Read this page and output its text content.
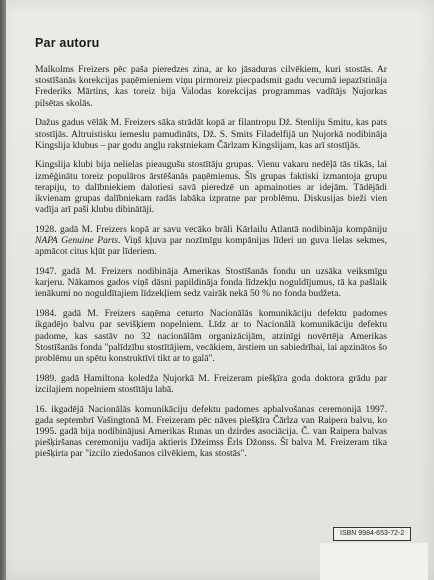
Par autoru

Malkolms Freizers pēc paša pieredzes zina, ar ko jāsaduras cilvēkiem, kuri stostās. Ar stostīšanās korekcijas paņēmieniem viņu pirmoreiz piecpadsmit gadu vecumā iepazīstināja Frederiks Mārtins, kas toreiz bija Valodas korekcijas programmas vadītājs Ņujorkas pilsētas skolās.

Dažus gadus vēlāk M. Freizers sāka strādāt kopā ar filantropu Dž. Stenliju Smitu, kas pats stostījās. Altruistisku iemeslu pamudināts, Dž. S. Smits Filadelfijā un Ņujorkā nodibināja Kingslija klubus – par godu angļu rakstniekam Čārlzam Kingslijam, kas arī stostījās.

Kingslija klubi bija nelielas pieaugušu stostītāju grupas. Vienu vakaru nedēļā tās tikās, lai izmēģinātu toreiz populāros ārstēšanās paņēmienus. Šīs grupas faktiski izmantoja grupu terapiju, to dalībniekiem dalotiesi savā pieredzē un apmainoties ar idejām. Tādējādi ikvienam grupas dalībniekam radās labāka izpratne par problēmu. Diskusijas bieži vien vadīja arī paši klubu dibinātāji.

1928. gadā M. Freizers kopā ar savu vecāko brāli Kārlailu Atlantā nodibināja kompāniju NAPA Genuine Parts. Viņš kļuva par nozīmīgu kompānijas līderi un guva lielas sekmes, apmācot citus kļūt par līderiem.

1947. gadā M. Freizers nodibināja Amerikas Stostīšanās fondu un uzsāka veiksmīgu karjeru. Nākamos gados viņš dāsni papildināja fonda līdzekļu noguldījumus, tā ka pašlaik ienākumi no noguldītajiem līdzekļiem sedz vairāk nekā 50 % no fonda budžeta.

1984. gadā M. Freizers saņēma ceturto Nacionālās komunikāciju defektu padomes ikgadējo balvu par sevišķiem nopelniem. Līdz ar to Nacionālā komunikāciju defektu padome, kas sastāv no 32 nacionālām organizācijām, atzinīgi novērtēja Amerikas Stostīšanās fonda "palīdzību stostītājiem, vecākiem, ārstiem un sabiedrībai, lai apzinātos šo problēmu un spētu konstruktīvi tikt ar to galā".

1989. gadā Hamiltona koledža Ņujorkā M. Freizeram piešķīra goda doktora grādu par izcilajiem nopelniem stostītāju labā.

16. ikgadējā Nacionālās komunikāciju defektu padomes apbalvošanas ceremonijā 1997. gada septembrī Vašingtonā M. Freizeram pēc nāves piešķīra Čārlza van Raipera balvu, ko 1995. gadā bija nodibinājusi Amerikas Runas un dzirdes asociācija. Č. van Raipera balvas piešķiršanas ceremoniju vadīja aktieris Džeimss Ērls Džonss. Šī balva M. Freizeram tika piešķirta par "izcilo ziedošanos cilvēkiem, kas stostās".

ISBN 9984-653-72-2
